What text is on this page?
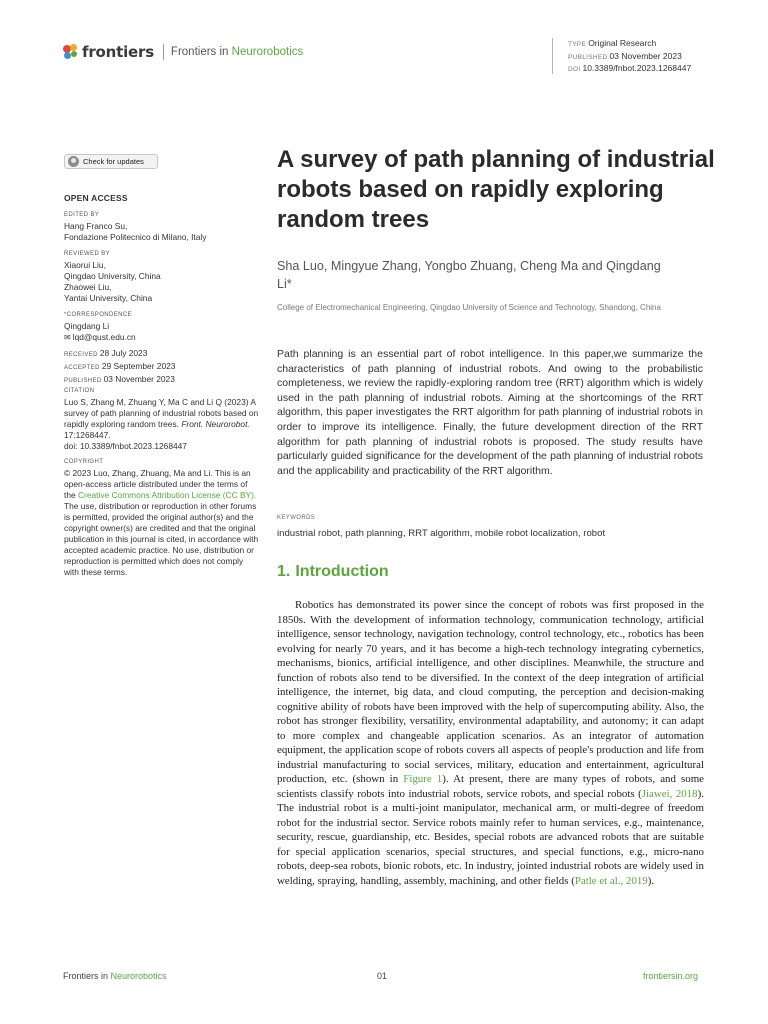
frontiers Frontiers in Neurorobotics
TYPE Original Research
PUBLISHED 03 November 2023
DOI 10.3389/fnbot.2023.1268447
Check for updates
OPEN ACCESS
EDITED BY
Hang Franco Su,
Fondazione Politecnico di Milano, Italy
REVIEWED BY
Xiaorui Liu,
Qingdao University, China
Zhaowei Liu,
Yantai University, China
*CORRESPONDENCE
Qingdang Li
✉ lqd@qust.edu.cn
RECEIVED 28 July 2023
ACCEPTED 29 September 2023
PUBLISHED 03 November 2023
CITATION
Luo S, Zhang M, Zhuang Y, Ma C and Li Q (2023) A survey of path planning of industrial robots based on rapidly exploring random trees. Front. Neurorobot. 17:1268447.
doi: 10.3389/fnbot.2023.1268447
COPYRIGHT
© 2023 Luo, Zhang, Zhuang, Ma and Li. This is an open-access article distributed under the terms of the Creative Commons Attribution License (CC BY). The use, distribution or reproduction in other forums is permitted, provided the original author(s) and the copyright owner(s) are credited and that the original publication in this journal is cited, in accordance with accepted academic practice. No use, distribution or reproduction is permitted which does not comply with these terms.
A survey of path planning of industrial robots based on rapidly exploring random trees
Sha Luo, Mingyue Zhang, Yongbo Zhuang, Cheng Ma and Qingdang Li*
College of Electromechanical Engineering, Qingdao University of Science and Technology, Shandong, China

Path planning is an essential part of robot intelligence. In this paper,we summarize the characteristics of path planning of industrial robots. And owing to the probabilistic completeness, we review the rapidly-exploring random tree (RRT) algorithm which is widely used in the path planning of industrial robots. Aiming at the shortcomings of the RRT algorithm, this paper investigates the RRT algorithm for path planning of industrial robots in order to improve its intelligence. Finally, the future development direction of the RRT algorithm for path planning of industrial robots is proposed. The study results have particularly guided significance for the development of the path planning of industrial robots and the applicability and practicability of the RRT algorithm.

KEYWORDS
industrial robot, path planning, RRT algorithm, mobile robot localization, robot
1. Introduction

Robotics has demonstrated its power since the concept of robots was first proposed in the 1850s. With the development of information technology, communication technology, artificial intelligence, sensor technology, navigation technology, control technology, etc., robotics has been evolving for nearly 70 years, and it has become a high-tech technology integrating cybernetics, mechanisms, bionics, artificial intelligence, and other disciplines. Meanwhile, the structure and function of robots also tend to be diversified. In the context of the deep integration of artificial intelligence, the internet, big data, and cloud computing, the perception and decision-making cognitive ability of robots have been improved with the help of supercomputing ability. Also, the robot has stronger flexibility, versatility, environmental adaptability, and autonomy; it can adapt to more complex and changeable application scenarios. As an integrator of automation equipment, the application scope of robots covers all aspects of people's production and life from industrial manufacturing to social services, military, education and entertainment, agricultural production, etc. (shown in Figure 1). At present, there are many types of robots, and some scientists classify robots into industrial robots, service robots, and special robots (Jiawei, 2018). The industrial robot is a multi-joint manipulator, mechanical arm, or multi-degree of freedom robot for the industrial sector. Service robots mainly refer to human services, e.g., maintenance, security, rescue, guardianship, etc. Besides, special robots are advanced robots that are suitable for special application scenarios, special structures, and special functions, e.g., micro-nano robots, deep-sea robots, bionic robots, etc. In industry, jointed industrial robots are widely used in welding, spraying, handling, assembly, machining, and other fields (Patle et al., 2019).

Frontiers in Neurorobotics	01	frontiersin.org
